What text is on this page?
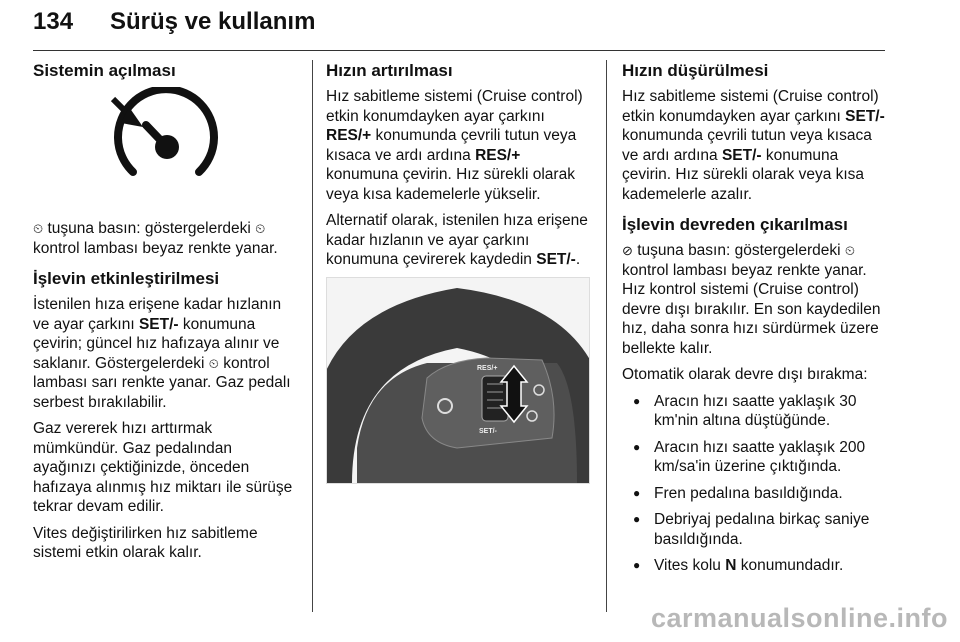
134 Sürüş ve kullanım
Sistemin açılması

⏲ tuşuna basın: göstergelerdeki ⏲ kontrol lambası beyaz renkte yanar.

İşlevin etkinleştirilmesi

İstenilen hıza erişene kadar hızlanın ve ayar çarkını SET/- konumuna çevirin; güncel hız hafızaya alınır ve saklanır. Göstergelerdeki ⏲ kontrol lambası sarı renkte yanar. Gaz pedalı serbest bırakılabilir.

Gaz vererek hızı arttırmak mümkündür. Gaz pedalından ayağınızı çektiğinizde, önceden hafızaya alınmış hız miktarı ile sürüşe tekrar devam edilir.

Vites değiştirilirken hız sabitleme sistemi etkin olarak kalır.

Hızın artırılması

Hız sabitleme sistemi (Cruise control) etkin konumdayken ayar çarkını RES/+ konumunda çevrili tutun veya kısaca ve ardı ardına RES/+ konumuna çevirin. Hız sürekli olarak veya kısa kademelerle yükselir.

Alternatif olarak, istenilen hıza erişene kadar hızlanın ve ayar çarkını konumuna çevirerek kaydedin SET/-.

RES/+
SET/-
Hızın düşürülmesi

Hız sabitleme sistemi (Cruise control) etkin konumdayken ayar çarkını SET/- konumunda çevrili tutun veya kısaca ve ardı ardına SET/- konumuna çevirin. Hız sürekli olarak veya kısa kademelerle azalır.

İşlevin devreden çıkarılması

⊘ tuşuna basın: göstergelerdeki ⏲ kontrol lambası beyaz renkte yanar. Hız kontrol sistemi (Cruise control) devre dışı bırakılır. En son kaydedilen hız, daha sonra hızı sürdürmek üzere bellekte kalır.

Otomatik olarak devre dışı bırakma:

● Aracın hızı saatte yaklaşık 30 km'nin altına düştüğünde.
● Aracın hızı saatte yaklaşık 200 km/sa'in üzerine çıktığında.
● Fren pedalına basıldığında.
● Debriyaj pedalına birkaç saniye basıldığında.
● Vites kolu N konumundadır.
carmanualsonline.info
